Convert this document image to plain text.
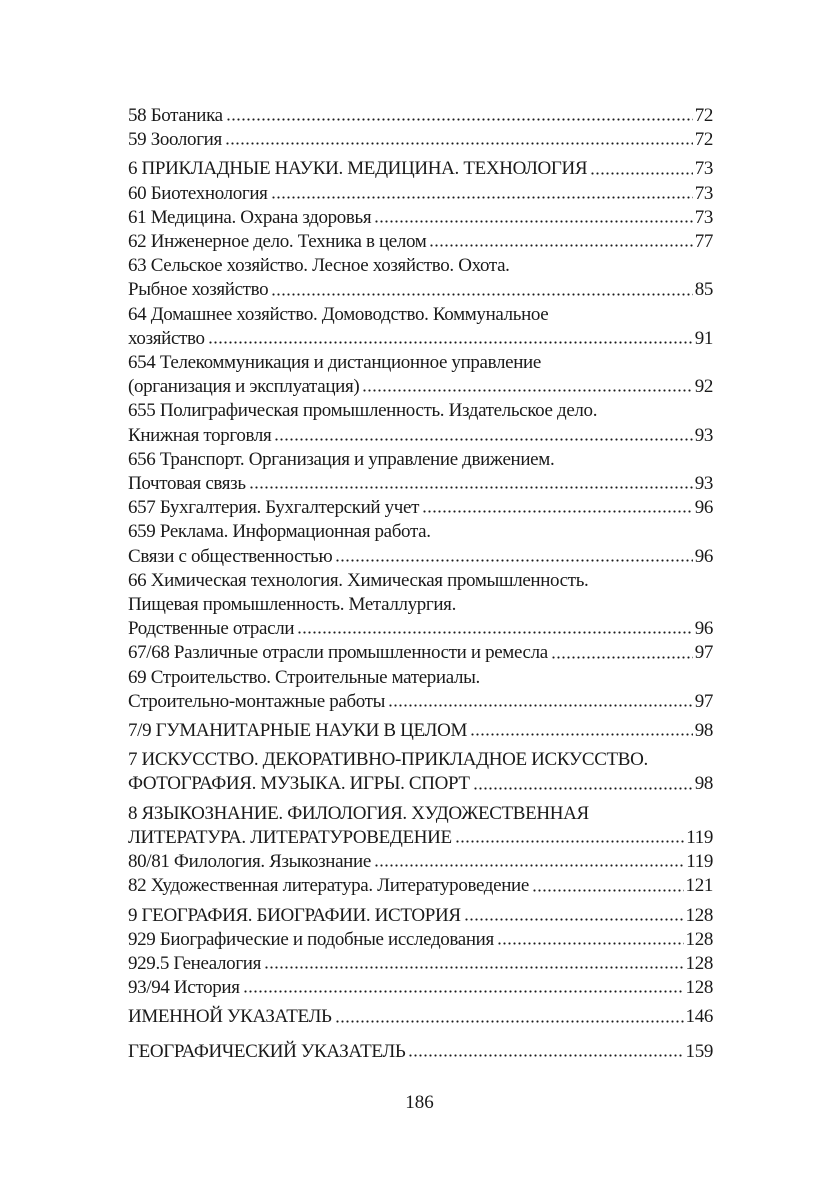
58 Ботаника	72
59 Зоология	72
6 ПРИКЛАДНЫЕ НАУКИ. МЕДИЦИНА. ТЕХНОЛОГИЯ	73
60 Биотехнология	73
61 Медицина. Охрана здоровья	73
62 Инженерное дело. Техника в целом	77
63 Сельское хозяйство. Лесное хозяйство. Охота.
Рыбное хозяйство	85
64 Домашнее хозяйство. Домоводство. Коммунальное
хозяйство	91
654 Телекоммуникация и дистанционное управление
(организация и эксплуатация)	92
655 Полиграфическая промышленность. Издательское дело.
Книжная торговля	93
656 Транспорт. Организация и управление движением.
Почтовая связь	93
657 Бухгалтерия. Бухгалтерский учет	96
659 Реклама. Информационная работа.
Связи с общественностью	96
66 Химическая технология. Химическая промышленность.
Пищевая промышленность. Металлургия.
Родственные отрасли	96
67/68 Различные отрасли промышленности и ремесла	97
69 Строительство. Строительные материалы.
Строительно-монтажные работы	97
7/9 ГУМАНИТАРНЫЕ НАУКИ В ЦЕЛОМ	98
7 ИСКУССТВО. ДЕКОРАТИВНО-ПРИКЛАДНОЕ ИСКУССТВО.
ФОТОГРАФИЯ. МУЗЫКА. ИГРЫ. СПОРТ	98
8 ЯЗЫКОЗНАНИЕ. ФИЛОЛОГИЯ. ХУДОЖЕСТВЕННАЯ
ЛИТЕРАТУРА. ЛИТЕРАТУРОВЕДЕНИЕ	119
80/81 Филология. Языкознание	119
82 Художественная литература. Литературоведение	121
9 ГЕОГРАФИЯ. БИОГРАФИИ. ИСТОРИЯ	128
929 Биографические и подобные исследования	128
929.5 Генеалогия	128
93/94 История	128
ИМЕННОЙ УКАЗАТЕЛЬ	146
ГЕОГРАФИЧЕСКИЙ УКАЗАТЕЛЬ	159
186
